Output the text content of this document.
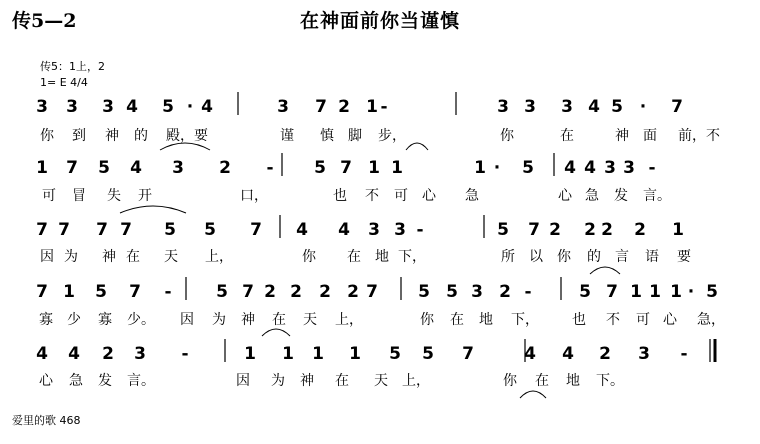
传5—2	在神面前你当谨慎
传5：1上，2
1= E 4/4
3 3 3 4 5 · 4	3 7 2 1 -	3 3 3 4 5 · 7
你 到 神 的 殿，要	谨 慎 脚 步，	你	在	神 面 前，不
1 7 5 4 3 2 - 5 7 1 1	1 · 5 4 4 3 3 -
可 冒 失 开	口，	也 不 可 心 急	心 急 发 言。
7 7 7 7 5 5 7 4 4 3 3 -	5 7 2 2 2 2 1
因 为 神 在 天 上，	你 在 地 下，	所 以 你 的 言 语 要
7 1 5 7 -	5 7 2 2 2 2 7 5 5 3 2 -	5 7 1 1 1 · 5
寡 少 寡 少。 因 为 神 在 天 上，	你 在 地 下， 也 不 可 心 急，
4 4 2 3 -	1 1 1 1 5 5 7	4 4 2 3 -
心 急 发 言。	因 为 神 在 天 上，	你 在 地 下。
爱里的歌 468
